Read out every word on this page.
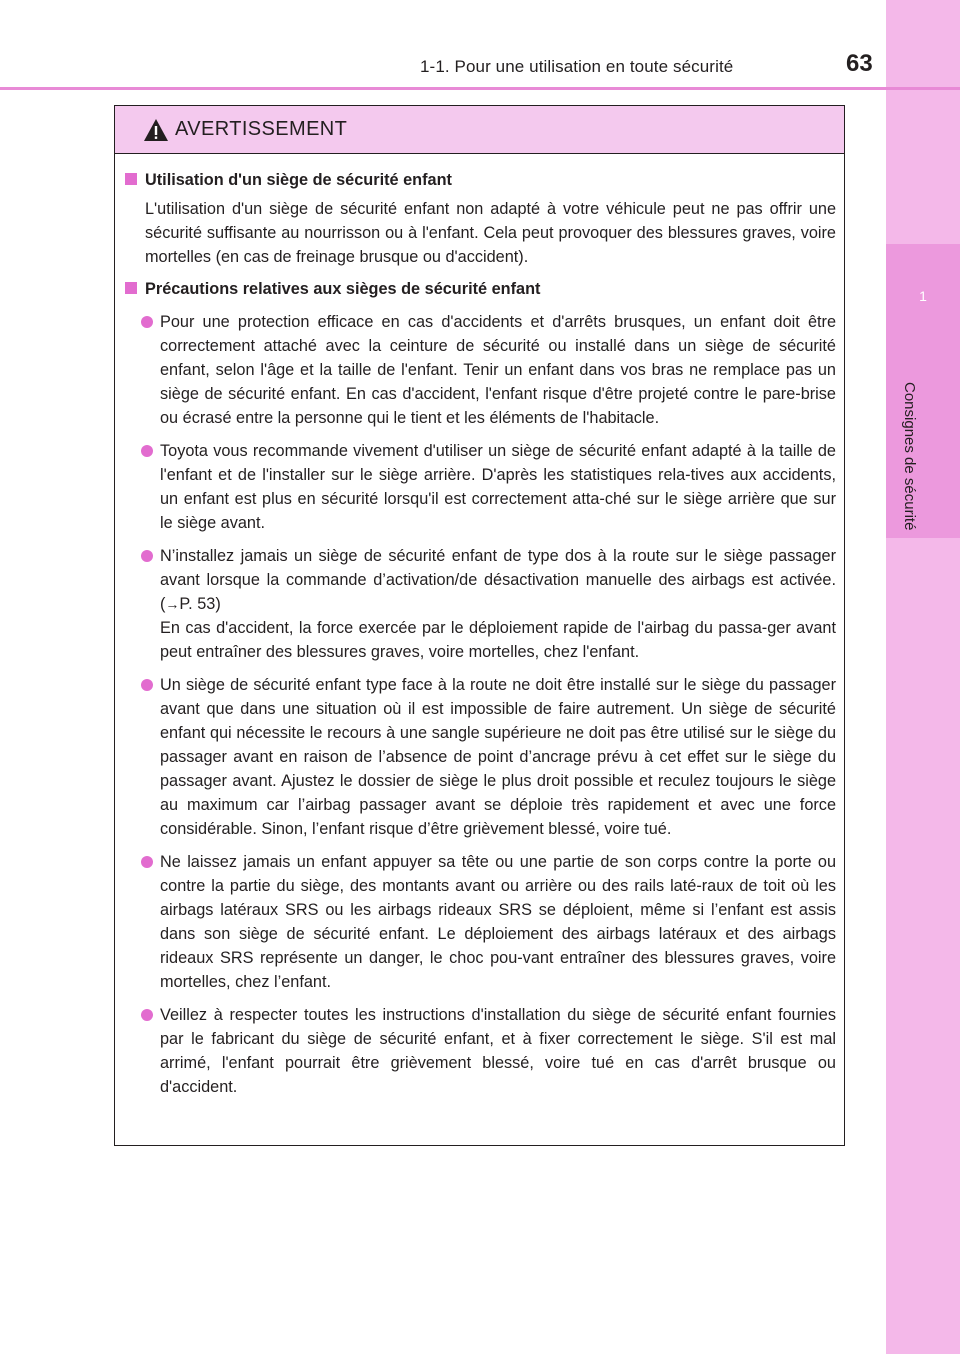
1
Consignes de sécurité
1-1. Pour une utilisation en toute sécurité	63
AVERTISSEMENT
Utilisation d'un siège de sécurité enfant
L'utilisation d'un siège de sécurité enfant non adapté à votre véhicule peut ne pas offrir une sécurité suffisante au nourrisson ou à l'enfant. Cela peut provoquer des blessures graves, voire mortelles (en cas de freinage brusque ou d'accident).
Précautions relatives aux sièges de sécurité enfant
Pour une protection efficace en cas d'accidents et d'arrêts brusques, un enfant doit être correctement attaché avec la ceinture de sécurité ou installé dans un siège de sécurité enfant, selon l'âge et la taille de l'enfant. Tenir un enfant dans vos bras ne remplace pas un siège de sécurité enfant. En cas d'accident, l'enfant risque d'être projeté contre le pare-brise ou écrasé entre la personne qui le tient et les éléments de l'habitacle.
Toyota vous recommande vivement d'utiliser un siège de sécurité enfant adapté à la taille de l'enfant et de l'installer sur le siège arrière. D'après les statistiques rela-tives aux accidents, un enfant est plus en sécurité lorsqu'il est correctement atta-ché sur le siège arrière que sur le siège avant.
N’installez jamais un siège de sécurité enfant de type dos à la route sur le siège passager avant lorsque la commande d’activation/de désactivation manuelle des airbags est activée. (→P. 53)
En cas d'accident, la force exercée par le déploiement rapide de l'airbag du passa-ger avant peut entraîner des blessures graves, voire mortelles, chez l'enfant.
Un siège de sécurité enfant type face à la route ne doit être installé sur le siège du passager avant que dans une situation où il est impossible de faire autrement. Un siège de sécurité enfant qui nécessite le recours à une sangle supérieure ne doit pas être utilisé sur le siège du passager avant en raison de l’absence de point d’ancrage prévu à cet effet sur le siège du passager avant. Ajustez le dossier de siège le plus droit possible et reculez toujours le siège au maximum car l’airbag passager avant se déploie très rapidement et avec une force considérable. Sinon, l’enfant risque d’être grièvement blessé, voire tué.
Ne laissez jamais un enfant appuyer sa tête ou une partie de son corps contre la porte ou contre la partie du siège, des montants avant ou arrière ou des rails laté-raux de toit où les airbags latéraux SRS ou les airbags rideaux SRS se déploient, même si l’enfant est assis dans son siège de sécurité enfant. Le déploiement des airbags latéraux et des airbags rideaux SRS représente un danger, le choc pou-vant entraîner des blessures graves, voire mortelles, chez l’enfant.
Veillez à respecter toutes les instructions d'installation du siège de sécurité enfant fournies par le fabricant du siège de sécurité enfant, et à fixer correctement le siège. S'il est mal arrimé, l'enfant pourrait être grièvement blessé, voire tué en cas d'arrêt brusque ou d'accident.
